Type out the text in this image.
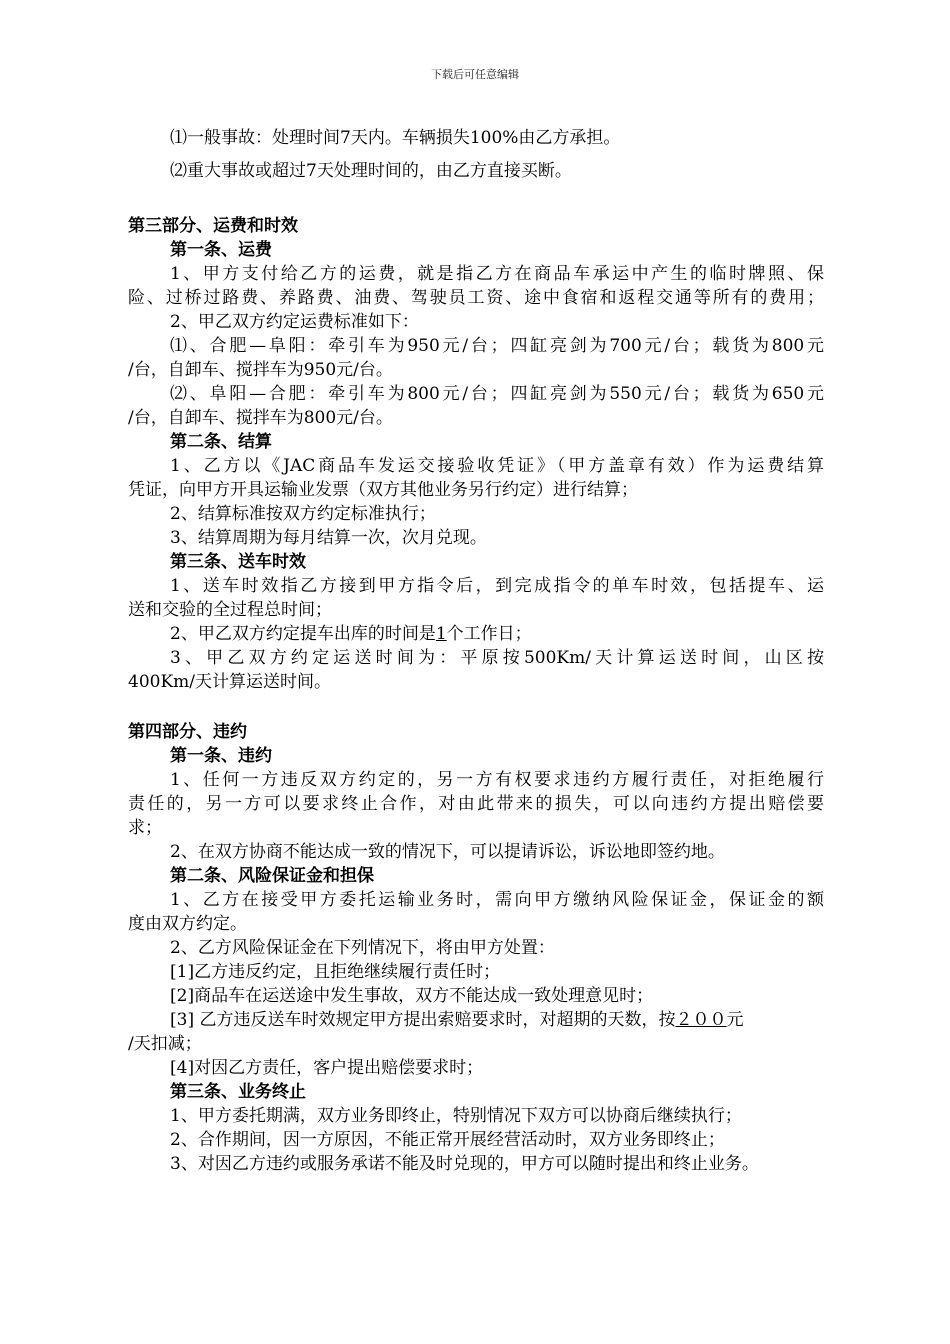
下载后可任意编辑
⑴一般事故：处理时间7天内。车辆损失100%由乙方承担。
⑵重大事故或超过7天处理时间的，由乙方直接买断。
第三部分、运费和时效
第一条、运费
1、甲方支付给乙方的运费，就是指乙方在商品车承运中产生的临时牌照、保
险、过桥过路费、养路费、油费、驾驶员工资、途中食宿和返程交通等所有的费用；
2、甲乙双方约定运费标准如下：
⑴、合肥—阜阳：牵引车为950元/台；四缸亮剑为700元/台；载货为800元
/台，自卸车、搅拌车为950元/台。
⑵、阜阳—合肥：牵引车为800元/台；四缸亮剑为550元/台；载货为650元
/台，自卸车、搅拌车为800元/台。
第二条、结算
1、乙方以《JAC商品车发运交接验收凭证》（甲方盖章有效）作为运费结算
凭证，向甲方开具运输业发票（双方其他业务另行约定）进行结算；
2、结算标准按双方约定标准执行；
3、结算周期为每月结算一次，次月兑现。
第三条、送车时效
1、送车时效指乙方接到甲方指令后，到完成指令的单车时效，包括提车、运
送和交验的全过程总时间；
2、甲乙双方约定提车出库的时间是1个工作日；
3、甲乙双方约定运送时间为：平原按500Km/天计算运送时间，山区按
400Km/天计算运送时间。
第四部分、违约
第一条、违约
1、任何一方违反双方约定的，另一方有权要求违约方履行责任，对拒绝履行
责任的，另一方可以要求终止合作，对由此带来的损失，可以向违约方提出赔偿要
求；
2、在双方协商不能达成一致的情况下，可以提请诉讼，诉讼地即签约地。
第二条、风险保证金和担保
1、乙方在接受甲方委托运输业务时，需向甲方缴纳风险保证金，保证金的额
度由双方约定。
2、乙方风险保证金在下列情况下，将由甲方处置：
[1]乙方违反约定，且拒绝继续履行责任时；
[2]商品车在运送途中发生事故，双方不能达成一致处理意见时；
[3] 乙方违反送车时效规定甲方提出索赔要求时，对超期的天数，按２００元
/天扣减；
[4]对因乙方责任，客户提出赔偿要求时；
第三条、业务终止
1、甲方委托期满，双方业务即终止，特别情况下双方可以协商后继续执行；
2、合作期间，因一方原因，不能正常开展经营活动时，双方业务即终止；
3、对因乙方违约或服务承诺不能及时兑现的，甲方可以随时提出和终止业务。
